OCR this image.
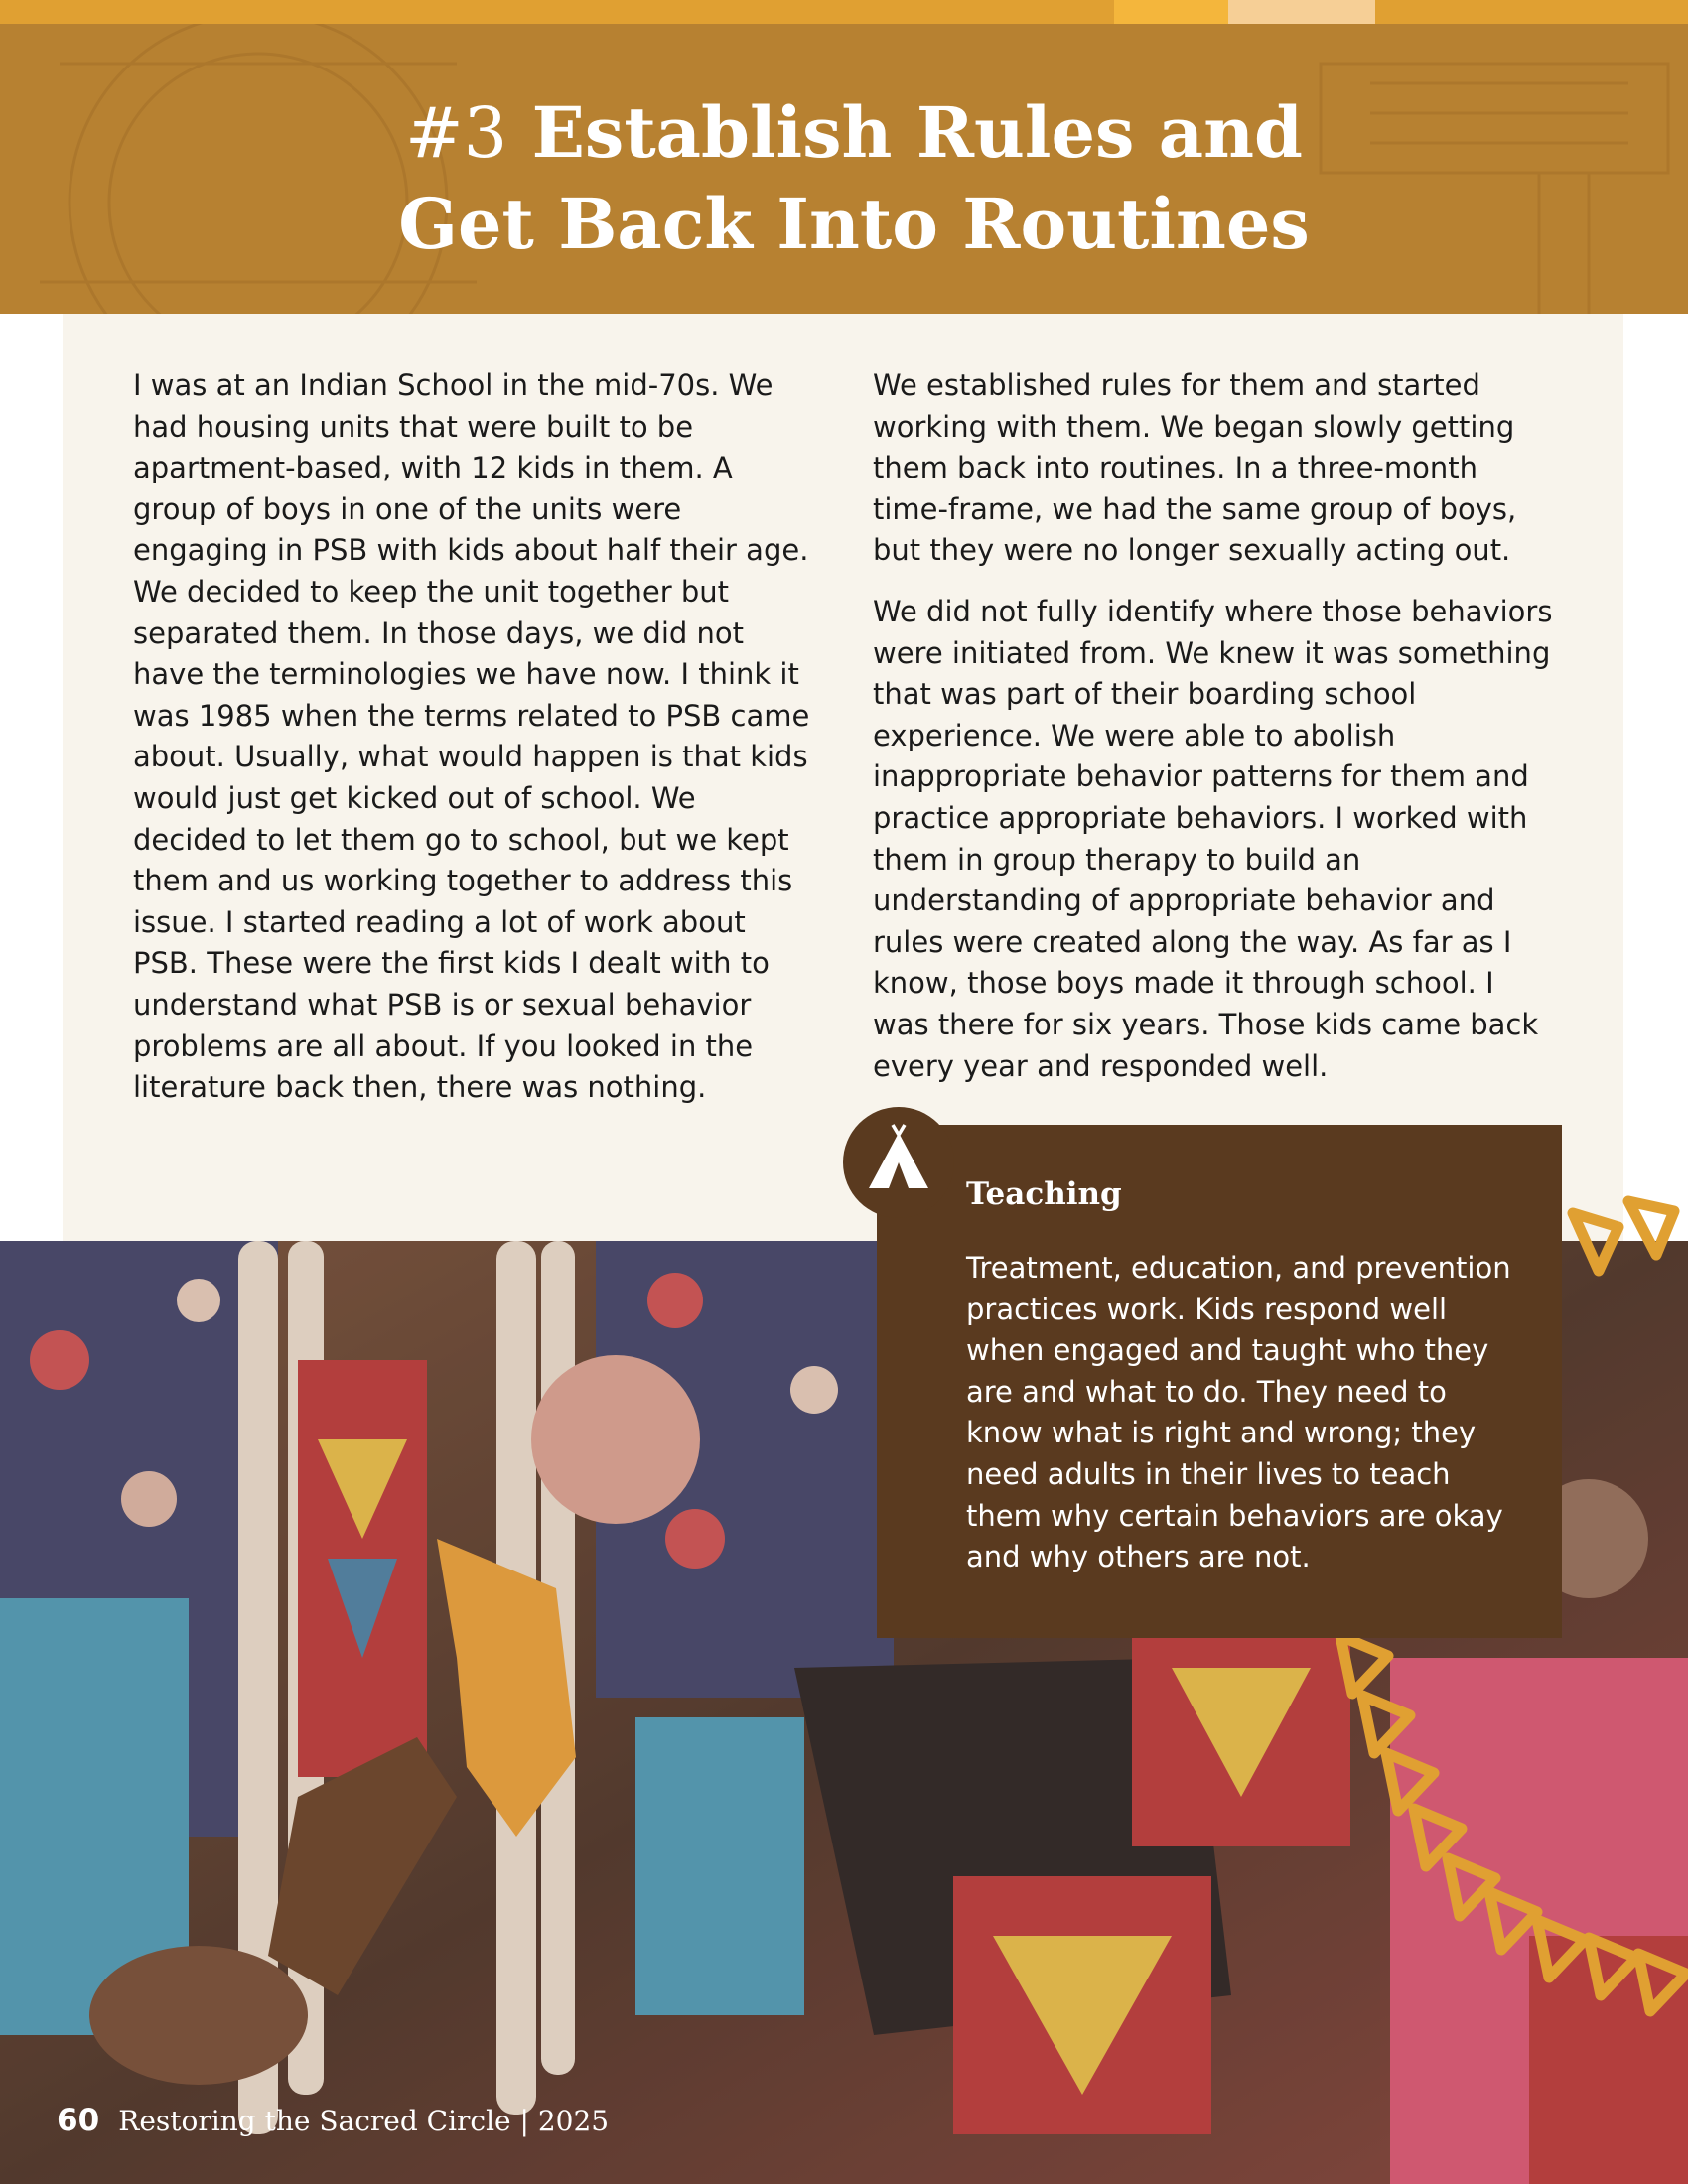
#3 Establish Rules and
Get Back Into Routines

I was at an Indian School in the mid-70s. We had housing units that were built to be apartment-based, with 12 kids in them. A group of boys in one of the units were engaging in PSB with kids about half their age. We decided to keep the unit together but separated them. In those days, we did not have the terminologies we have now. I think it was 1985 when the terms related to PSB came about. Usually, what would happen is that kids would just get kicked out of school. We decided to let them go to school, but we kept them and us working together to address this issue. I started reading a lot of work about PSB. These were the first kids I dealt with to understand what PSB is or sexual behavior problems are all about. If you looked in the literature back then, there was nothing.

We established rules for them and started working with them. We began slowly getting them back into routines. In a three-month time-frame, we had the same group of boys, but they were no longer sexually acting out.

We did not fully identify where those behaviors were initiated from. We knew it was something that was part of their boarding school experience. We were able to abolish inappropriate behavior patterns for them and practice appropriate behaviors. I worked with them in group therapy to build an understanding of appropriate behavior and rules were created along the way. As far as I know, those boys made it through school. I was there for six years. Those kids came back every year and responded well.

Teaching
Treatment, education, and prevention practices work. Kids respond well when engaged and taught who they are and what to do. They need to know what is right and wrong; they need adults in their lives to teach them why certain behaviors are okay and why others are not.
60 Restoring the Sacred Circle | 2025
